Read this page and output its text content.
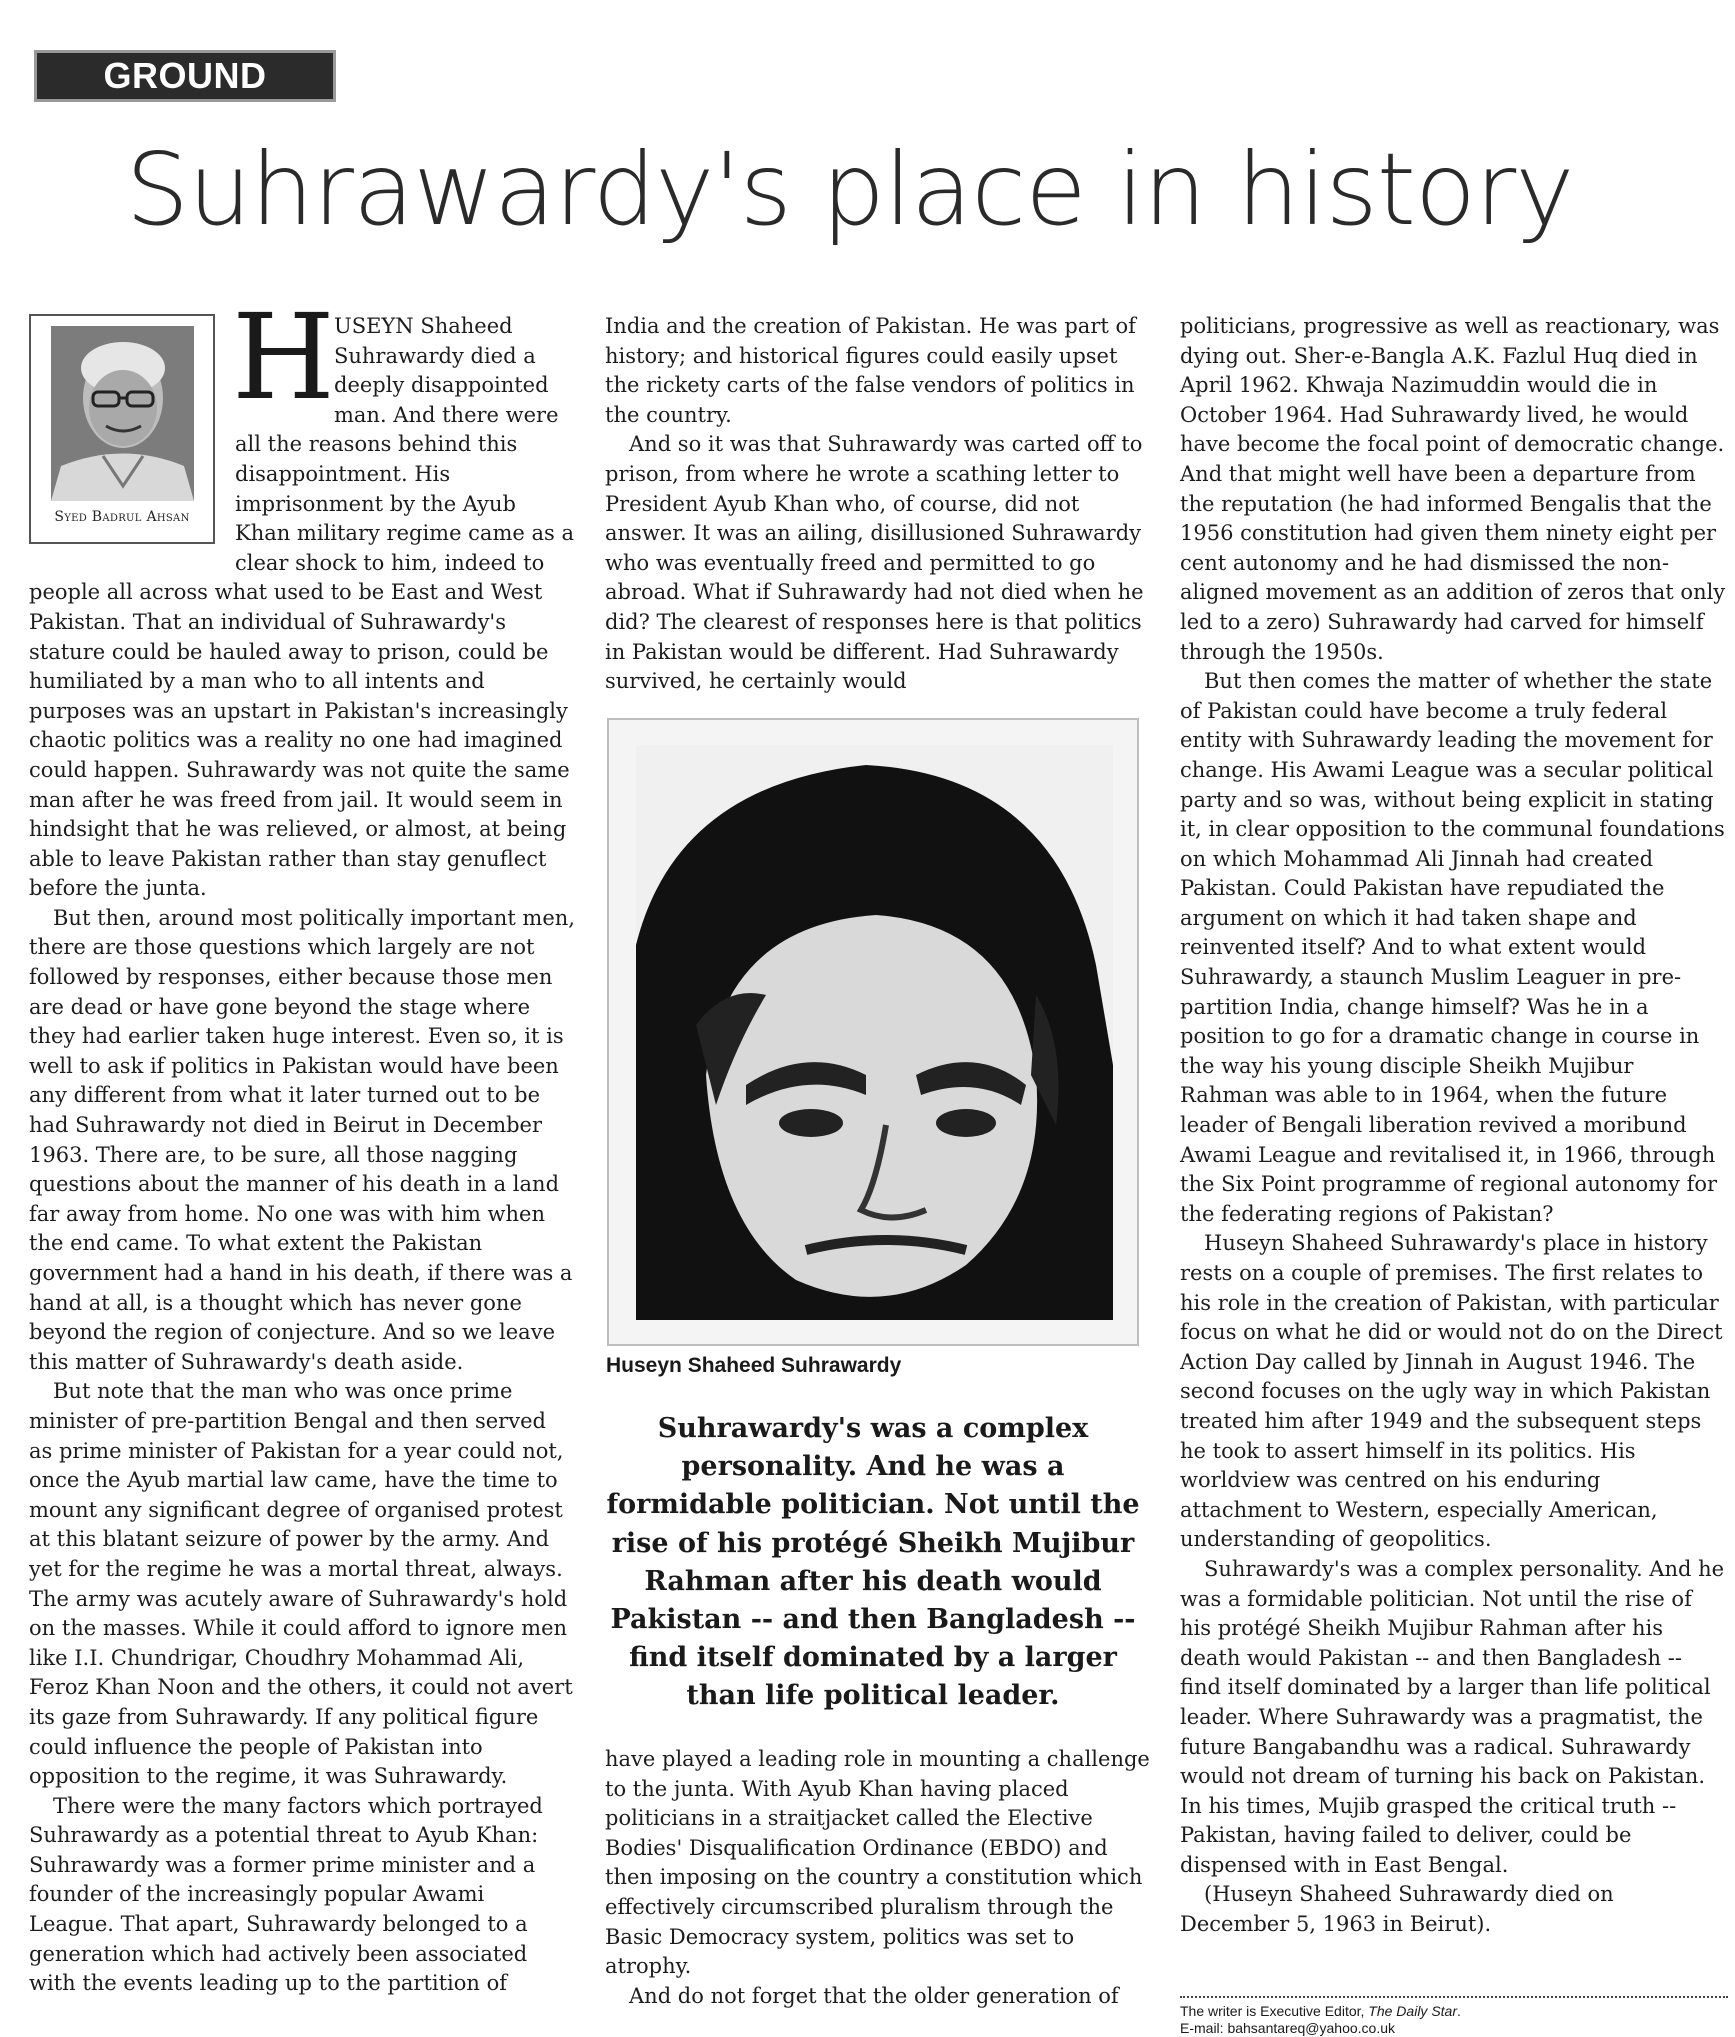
GROUND REALITIES
Suhrawardy's place in history
Syed Badrul Ahsan
H USEYN Shaheed Suhrawardy died a deeply disappointed man. And there were all the reasons behind this disappointment. His imprisonment by the Ayub Khan military regime came as a clear shock to him, indeed to people all across what used to be East and West Pakistan. That an individual of Suhrawardy's stature could be hauled away to prison, could be humiliated by a man who to all intents and purposes was an upstart in Pakistan's increasingly chaotic politics was a reality no one had imagined could happen. Suhrawardy was not quite the same man after he was freed from jail. It would seem in hindsight that he was relieved, or almost, at being able to leave Pakistan rather than stay genuflect before the junta.

But then, around most politically important men, there are those questions which largely are not followed by responses, either because those men are dead or have gone beyond the stage where they had earlier taken huge interest. Even so, it is well to ask if politics in Pakistan would have been any different from what it later turned out to be had Suhrawardy not died in Beirut in December 1963. There are, to be sure, all those nagging questions about the manner of his death in a land far away from home. No one was with him when the end came. To what extent the Pakistan government had a hand in his death, if there was a hand at all, is a thought which has never gone beyond the region of conjecture. And so we leave this matter of Suhrawardy's death aside.

But note that the man who was once prime minister of pre-partition Bengal and then served as prime minister of Pakistan for a year could not, once the Ayub martial law came, have the time to mount any significant degree of organised protest at this blatant seizure of power by the army. And yet for the regime he was a mortal threat, always. The army was acutely aware of Suhrawardy's hold on the masses. While it could afford to ignore men like I.I. Chundrigar, Choudhry Mohammad Ali, Feroz Khan Noon and the others, it could not avert its gaze from Suhrawardy. If any political figure could influence the people of Pakistan into opposition to the regime, it was Suhrawardy.

There were the many factors which portrayed Suhrawardy as a potential threat to Ayub Khan: Suhrawardy was a former prime minister and a founder of the increasingly popular Awami League. That apart, Suhrawardy belonged to a generation which had actively been associated with the events leading up to the partition of

India and the creation of Pakistan. He was part of history; and historical figures could easily upset the rickety carts of the false vendors of politics in the country.

And so it was that Suhrawardy was carted off to prison, from where he wrote a scathing letter to President Ayub Khan who, of course, did not answer. It was an ailing, disillusioned Suhrawardy who was eventually freed and permitted to go abroad. What if Suhrawardy had not died when he did? The clearest of responses here is that politics in Pakistan would be different. Had Suhrawardy survived, he certainly would

Huseyn Shaheed Suhrawardy
Suhrawardy's was a complex personality. And he was a formidable politician. Not until the rise of his protégé Sheikh Mujibur Rahman after his death would Pakistan -- and then Bangladesh -- find itself dominated by a larger than life political leader.

have played a leading role in mounting a challenge to the junta. With Ayub Khan having placed politicians in a straitjacket called the Elective Bodies' Disqualification Ordinance (EBDO) and then imposing on the country a constitution which effectively circumscribed pluralism through the Basic Democracy system, politics was set to atrophy.

And do not forget that the older generation of

politicians, progressive as well as reactionary, was dying out. Sher-e-Bangla A.K. Fazlul Huq died in April 1962. Khwaja Nazimuddin would die in October 1964. Had Suhrawardy lived, he would have become the focal point of democratic change. And that might well have been a departure from the reputation (he had informed Bengalis that the 1956 constitution had given them ninety eight per cent autonomy and he had dismissed the non-aligned movement as an addition of zeros that only led to a zero) Suhrawardy had carved for himself through the 1950s.

But then comes the matter of whether the state of Pakistan could have become a truly federal entity with Suhrawardy leading the movement for change. His Awami League was a secular political party and so was, without being explicit in stating it, in clear opposition to the communal foundations on which Mohammad Ali Jinnah had created Pakistan. Could Pakistan have repudiated the argument on which it had taken shape and reinvented itself? And to what extent would Suhrawardy, a staunch Muslim Leaguer in pre-partition India, change himself? Was he in a position to go for a dramatic change in course in the way his young disciple Sheikh Mujibur Rahman was able to in 1964, when the future leader of Bengali liberation revived a moribund Awami League and revitalised it, in 1966, through the Six Point programme of regional autonomy for the federating regions of Pakistan?

Huseyn Shaheed Suhrawardy's place in history rests on a couple of premises. The first relates to his role in the creation of Pakistan, with particular focus on what he did or would not do on the Direct Action Day called by Jinnah in August 1946. The second focuses on the ugly way in which Pakistan treated him after 1949 and the subsequent steps he took to assert himself in its politics. His worldview was centred on his enduring attachment to Western, especially American, understanding of geopolitics.

Suhrawardy's was a complex personality. And he was a formidable politician. Not until the rise of his protégé Sheikh Mujibur Rahman after his death would Pakistan -- and then Bangladesh -- find itself dominated by a larger than life political leader. Where Suhrawardy was a pragmatist, the future Bangabandhu was a radical. Suhrawardy would not dream of turning his back on Pakistan. In his times, Mujib grasped the critical truth -- Pakistan, having failed to deliver, could be dispensed with in East Bengal.

(Huseyn Shaheed Suhrawardy died on December 5, 1963 in Beirut).

The writer is Executive Editor, The Daily Star.
E-mail: bahsantareq@yahoo.co.uk
